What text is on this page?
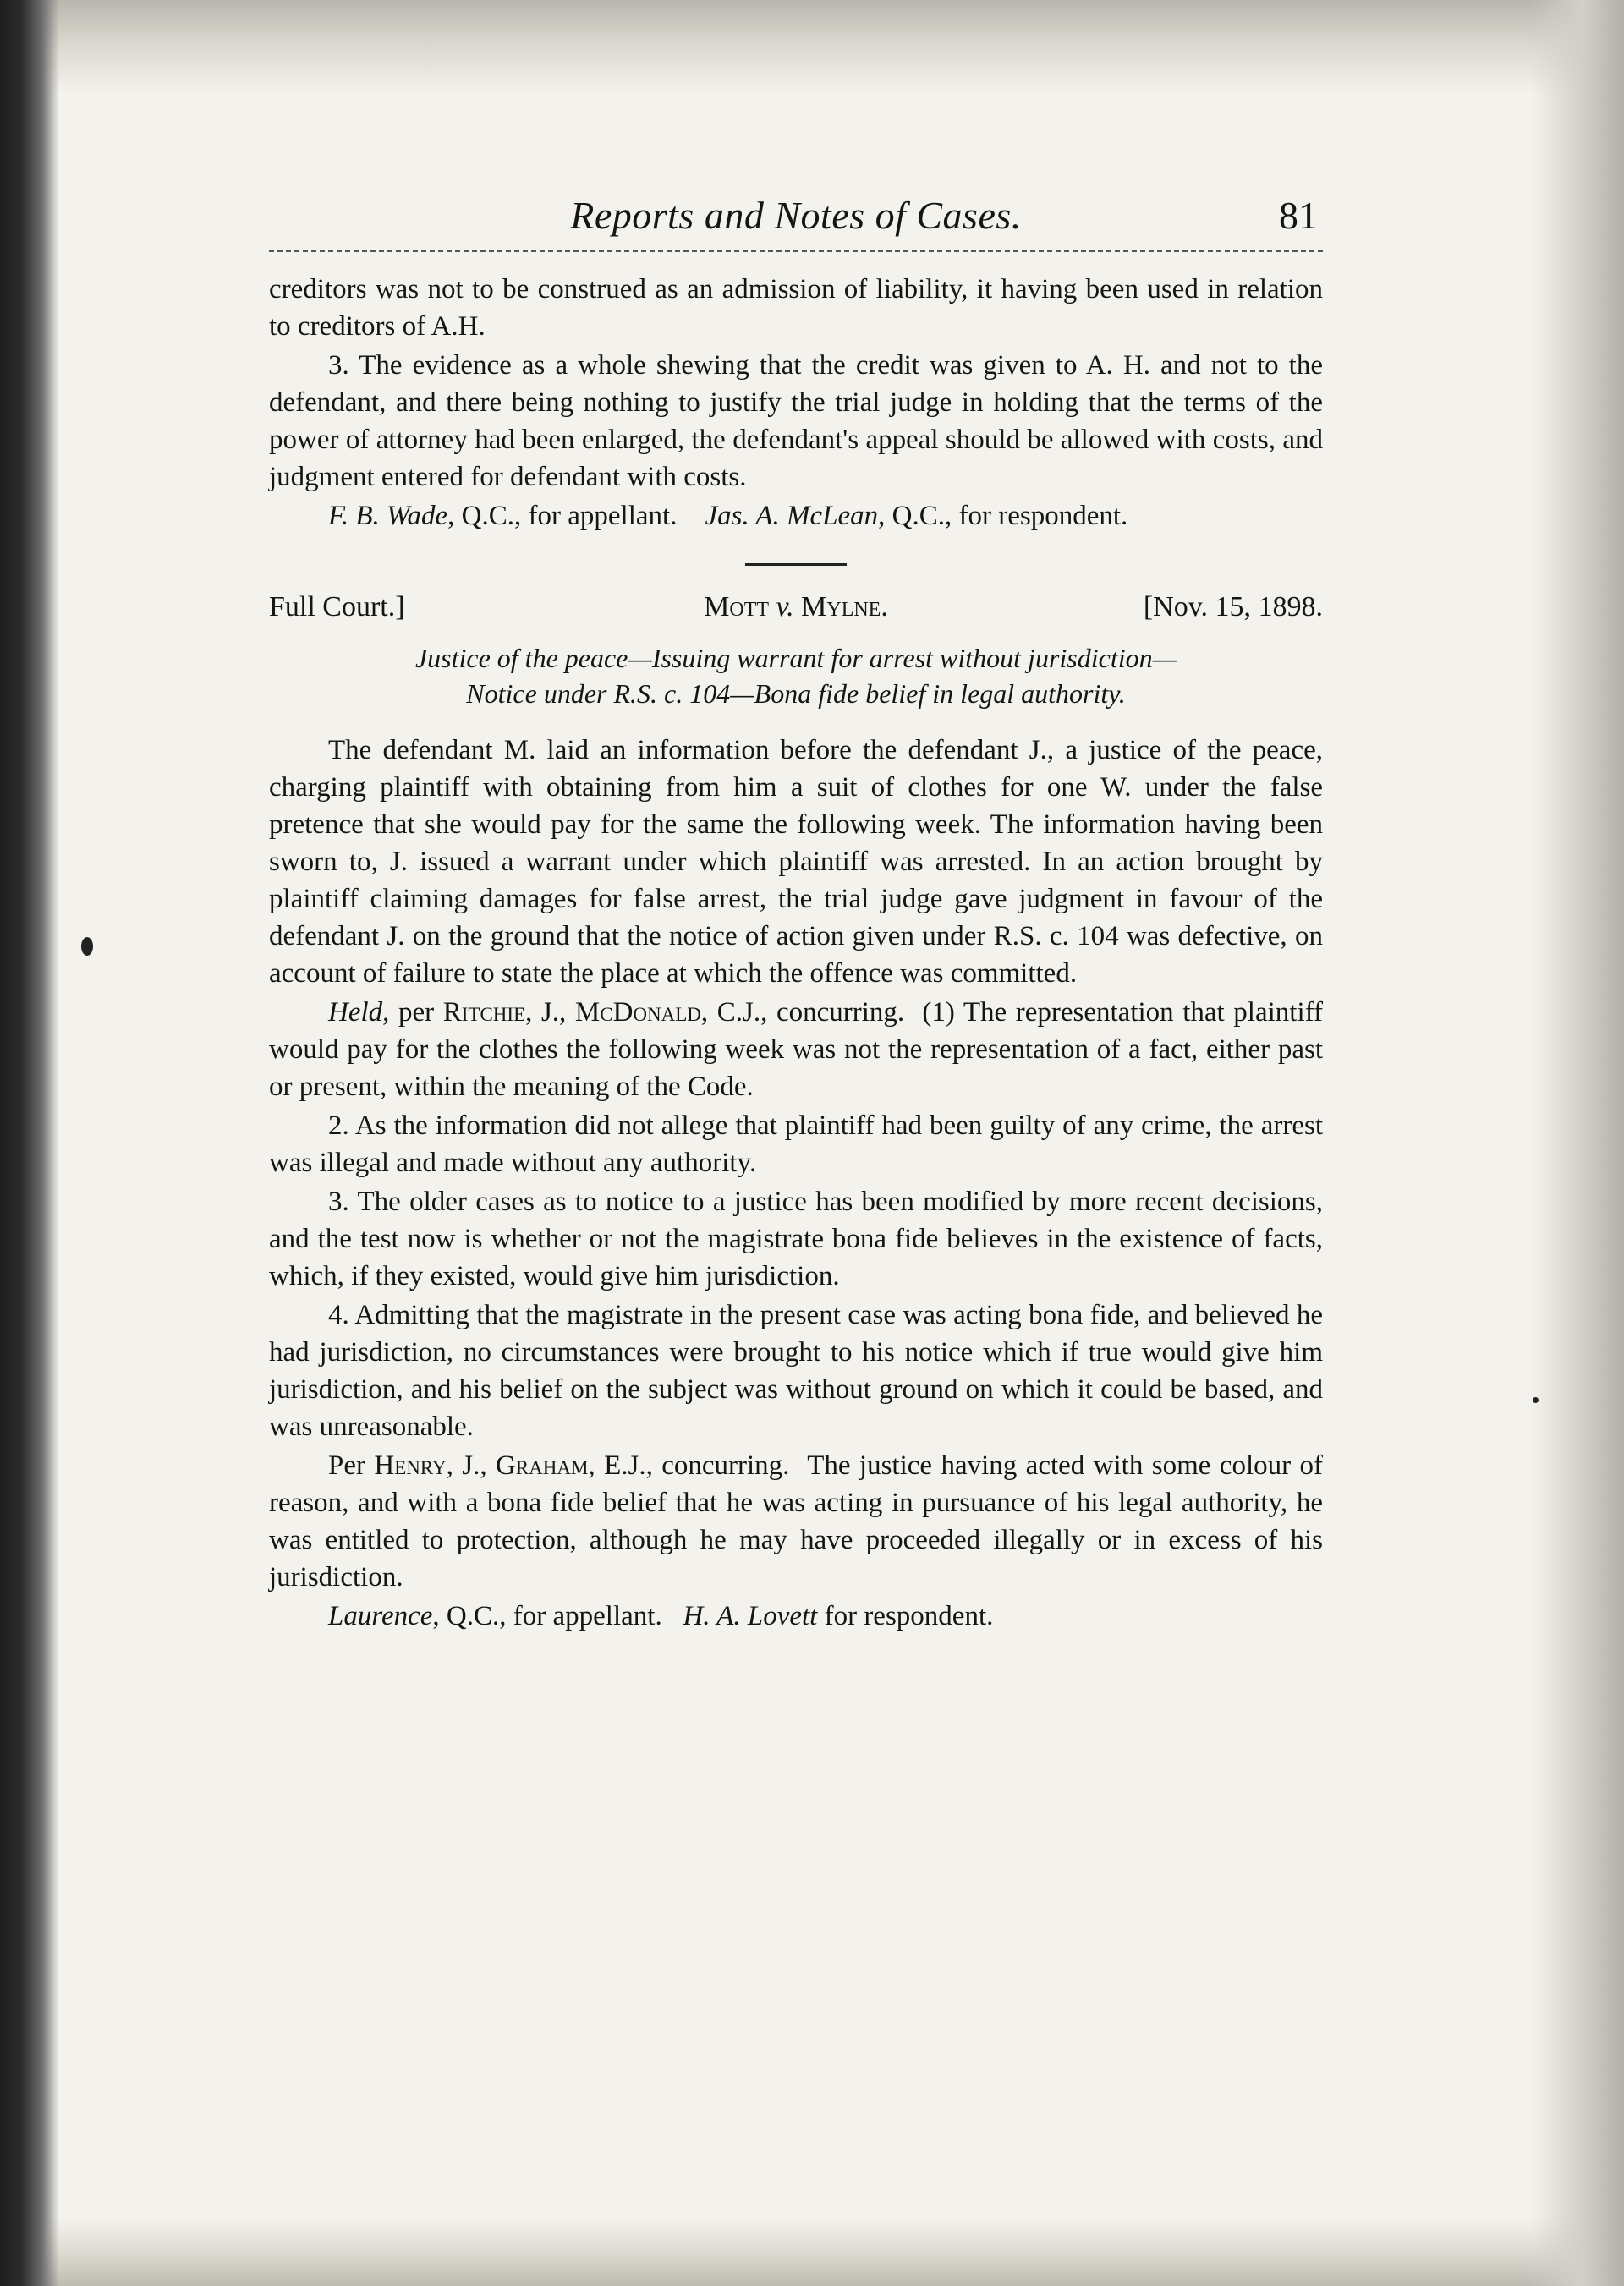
Reports and Notes of Cases.	81

creditors was not to be construed as an admission of liability, it having been used in relation to creditors of A.H.

3. The evidence as a whole shewing that the credit was given to A. H. and not to the defendant, and there being nothing to justify the trial judge in holding that the terms of the power of attorney had been enlarged, the defendant's appeal should be allowed with costs, and judgment entered for defendant with costs.

F. B. Wade, Q.C., for appellant. Jas. A. McLean, Q.C., for respondent.

Full Court.]	Mott v. Mylne.	[Nov. 15, 1898.
Justice of the peace—Issuing warrant for arrest without jurisdiction—
Notice under R.S. c. 104—Bona fide belief in legal authority.

The defendant M. laid an information before the defendant J., a justice of the peace, charging plaintiff with obtaining from him a suit of clothes for one W. under the false pretence that she would pay for the same the following week. The information having been sworn to, J. issued a warrant under which plaintiff was arrested. In an action brought by plaintiff claiming damages for false arrest, the trial judge gave judgment in favour of the defendant J. on the ground that the notice of action given under R.S. c. 104 was defective, on account of failure to state the place at which the offence was committed.

Held, per Ritchie, J., McDonald, C.J., concurring. (1) The representation that plaintiff would pay for the clothes the following week was not the representation of a fact, either past or present, within the meaning of the Code.

2. As the information did not allege that plaintiff had been guilty of any crime, the arrest was illegal and made without any authority.

3. The older cases as to notice to a justice has been modified by more recent decisions, and the test now is whether or not the magistrate bona fide believes in the existence of facts, which, if they existed, would give him jurisdiction.

4. Admitting that the magistrate in the present case was acting bona fide, and believed he had jurisdiction, no circumstances were brought to his notice which if true would give him jurisdiction, and his belief on the subject was without ground on which it could be based, and was unreasonable.

Per Henry, J., Graham, E.J., concurring. The justice having acted with some colour of reason, and with a bona fide belief that he was acting in pursuance of his legal authority, he was entitled to protection, although he may have proceeded illegally or in excess of his jurisdiction.

Laurence, Q.C., for appellant. H. A. Lovett for respondent.
